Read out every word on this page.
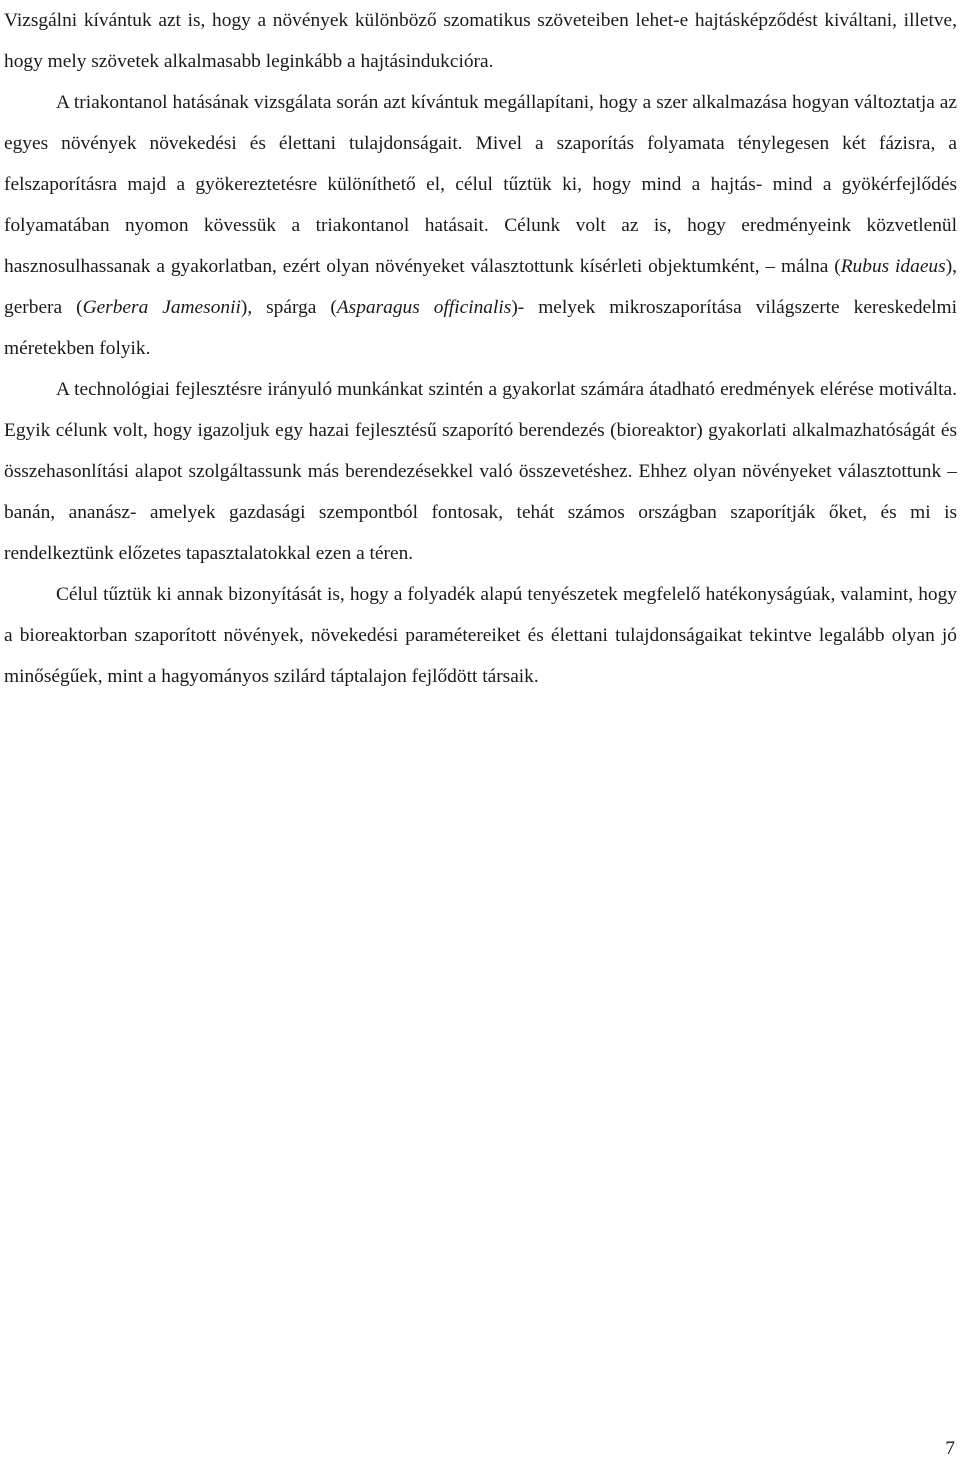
Vizsgálni kívántuk azt is, hogy a növények különböző szomatikus szöveteiben lehet-e hajtásképződést kiváltani, illetve, hogy mely szövetek alkalmasabb leginkább a hajtásindukcióra.

A triakontanol hatásának vizsgálata során azt kívántuk megállapítani, hogy a szer alkalmazása hogyan változtatja az egyes növények növekedési és élettani tulajdonságait. Mivel a szaporítás folyamata ténylegesen két fázisra, a felszaporításra majd a gyökereztetésre különíthető el, célul tűztük ki, hogy mind a hajtás- mind a gyökérfejlődés folyamatában nyomon kövessük a triakontanol hatásait. Célunk volt az is, hogy eredményeink közvetlenül hasznosulhassanak a gyakorlatban, ezért olyan növényeket választottunk kísérleti objektumként, – málna (Rubus idaeus), gerbera (Gerbera Jamesonii), spárga (Asparagus officinalis)- melyek mikroszaporítása világszerte kereskedelmi méretekben folyik.

A technológiai fejlesztésre irányuló munkánkat szintén a gyakorlat számára átadható eredmények elérése motiválta. Egyik célunk volt, hogy igazoljuk egy hazai fejlesztésű szaporító berendezés (bioreaktor) gyakorlati alkalmazhatóságát és összehasonlítási alapot szolgáltassunk más berendezésekkel való összevetéshez. Ehhez olyan növényeket választottunk – banán, ananász- amelyek gazdasági szempontból fontosak, tehát számos országban szaporítják őket, és mi is rendelkeztünk előzetes tapasztalatokkal ezen a téren.

Célul tűztük ki annak bizonyítását is, hogy a folyadék alapú tenyészetek megfelelő hatékonyságúak, valamint, hogy a bioreaktorban szaporított növények, növekedési paramétereiket és élettani tulajdonságaikat tekintve legalább olyan jó minőségűek, mint a hagyományos szilárd táptalajon fejlődött társaik.

7
